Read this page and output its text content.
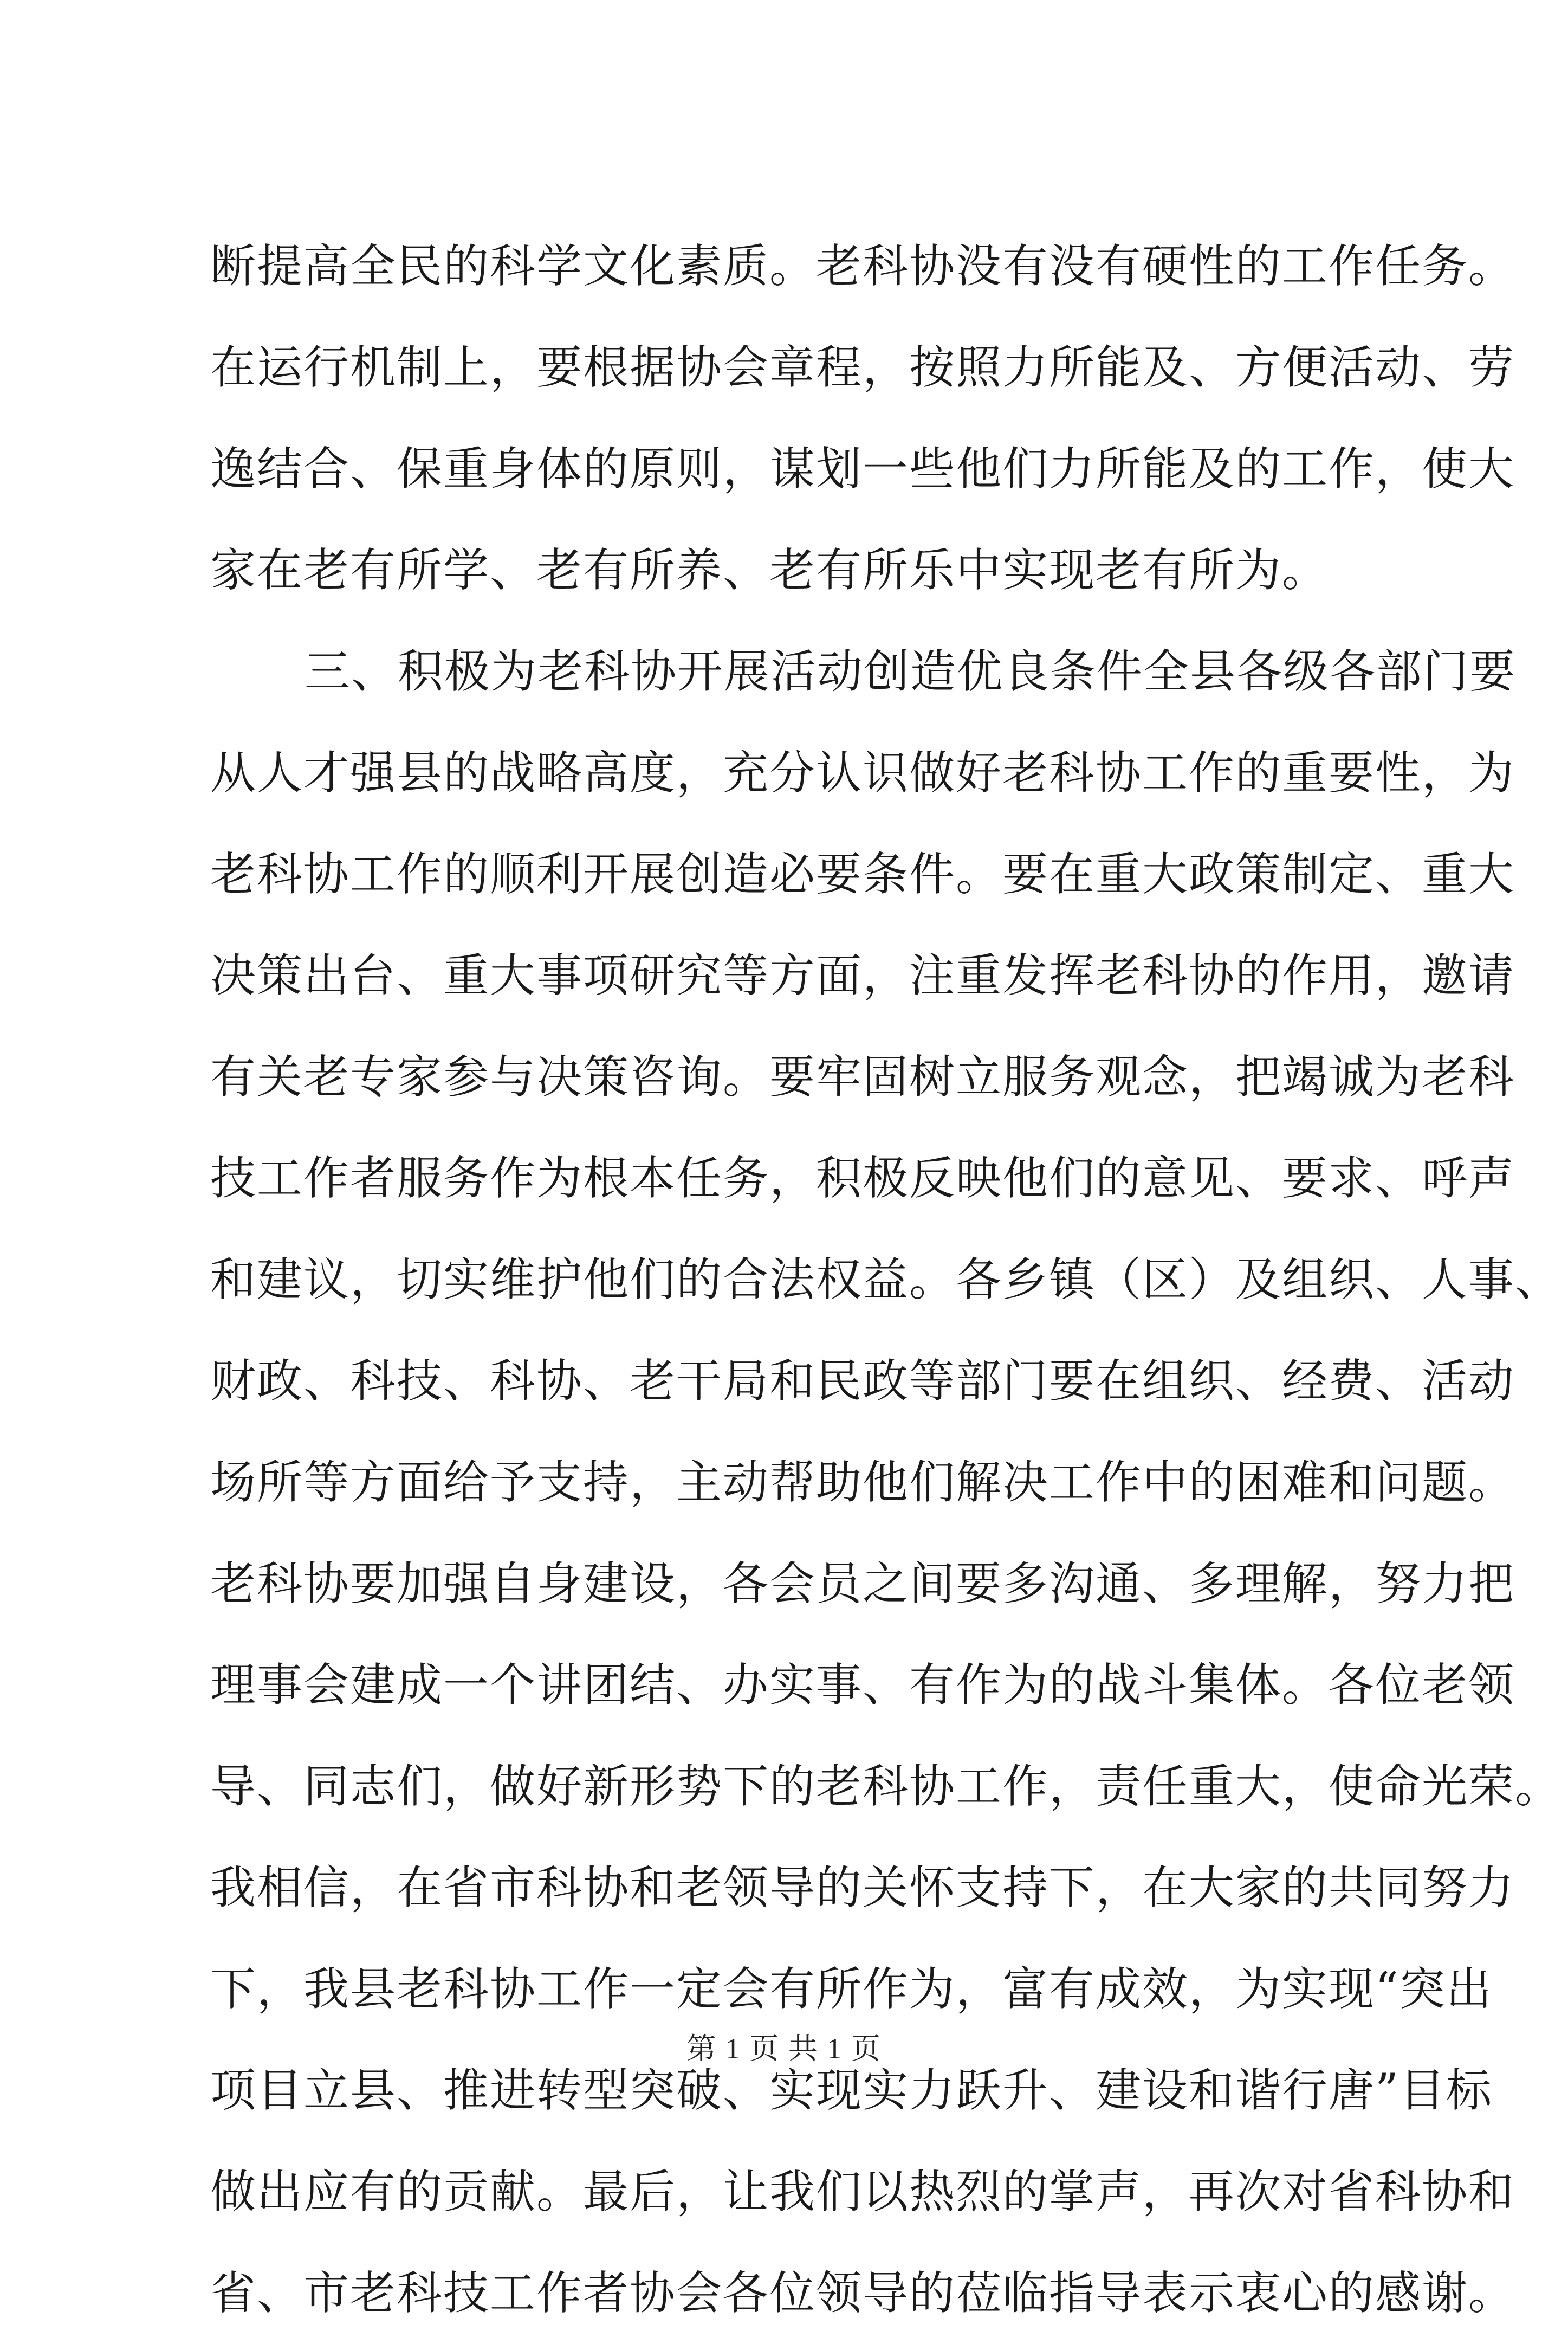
断提高全民的科学文化素质。老科协没有没有硬性的工作任务。
在运行机制上，要根据协会章程，按照力所能及、方便活动、劳
逸结合、保重身体的原则，谋划一些他们力所能及的工作，使大
家在老有所学、老有所养、老有所乐中实现老有所为。
三、积极为老科协开展活动创造优良条件全县各级各部门要
从人才强县的战略高度，充分认识做好老科协工作的重要性，为
老科协工作的顺利开展创造必要条件。要在重大政策制定、重大
决策出台、重大事项研究等方面，注重发挥老科协的作用，邀请
有关老专家参与决策咨询。要牢固树立服务观念，把竭诚为老科
技工作者服务作为根本任务，积极反映他们的意见、要求、呼声
和建议，切实维护他们的合法权益。各乡镇（区）及组织、人事、
财政、科技、科协、老干局和民政等部门要在组织、经费、活动
场所等方面给予支持，主动帮助他们解决工作中的困难和问题。
老科协要加强自身建设，各会员之间要多沟通、多理解，努力把
理事会建成一个讲团结、办实事、有作为的战斗集体。各位老领
导、同志们，做好新形势下的老科协工作，责任重大，使命光荣。
我相信，在省市科协和老领导的关怀支持下，在大家的共同努力
下，我县老科协工作一定会有所作为，富有成效，为实现“突出
项目立县、推进转型突破、实现实力跃升、建设和谐行唐”目标
做出应有的贡献。最后，让我们以热烈的掌声，再次对省科协和
省、市老科技工作者协会各位领导的莅临指导表示衷心的感谢。
第 1 页 共 1 页
